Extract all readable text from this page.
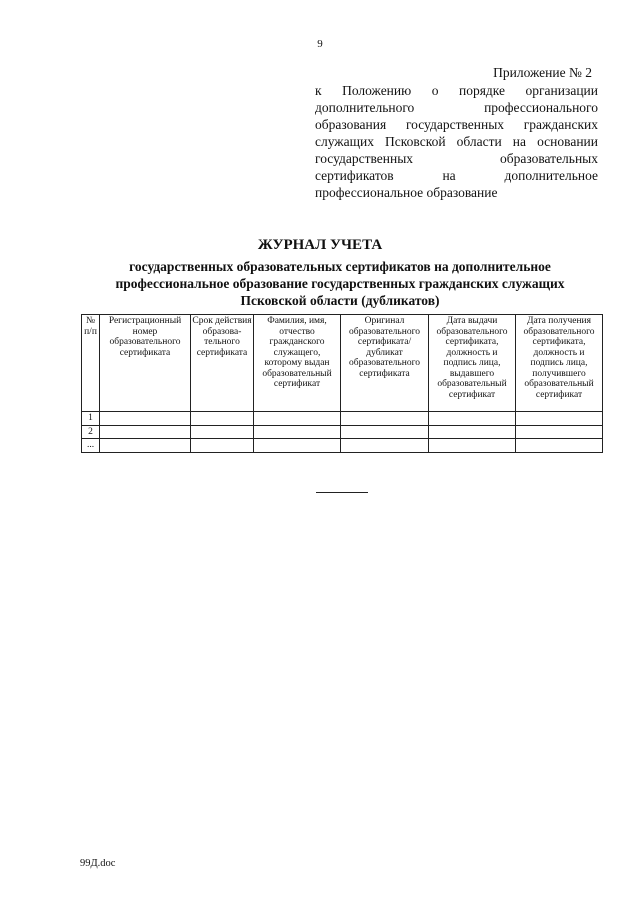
9
Приложение № 2
к Положению о порядке организации
дополнительного профессионального
образования государственных гражданских
служащих Псковской области на основании
государственных образовательных
сертификатов на дополнительное
профессиональное образование
ЖУРНАЛ УЧЕТА
государственных образовательных сертификатов на дополнительное
профессиональное образование государственных гражданских служащих
Псковской области (дубликатов)
№ п/п	Регистрационный номер образовательного сертификата	Срок действия образова-тельного сертификата	Фамилия, имя, отчество гражданского служащего, которому выдан образовательный сертификат	Оригинал образовательного сертификата/ дубликат образовательного сертификата	Дата выдачи образовательного сертификата, должность и подпись лица, выдавшего образовательный сертификат	Дата получения образовательного сертификата, должность и подпись лица, получившего образовательный сертификат
1						
2						
...						
99Д.doc
